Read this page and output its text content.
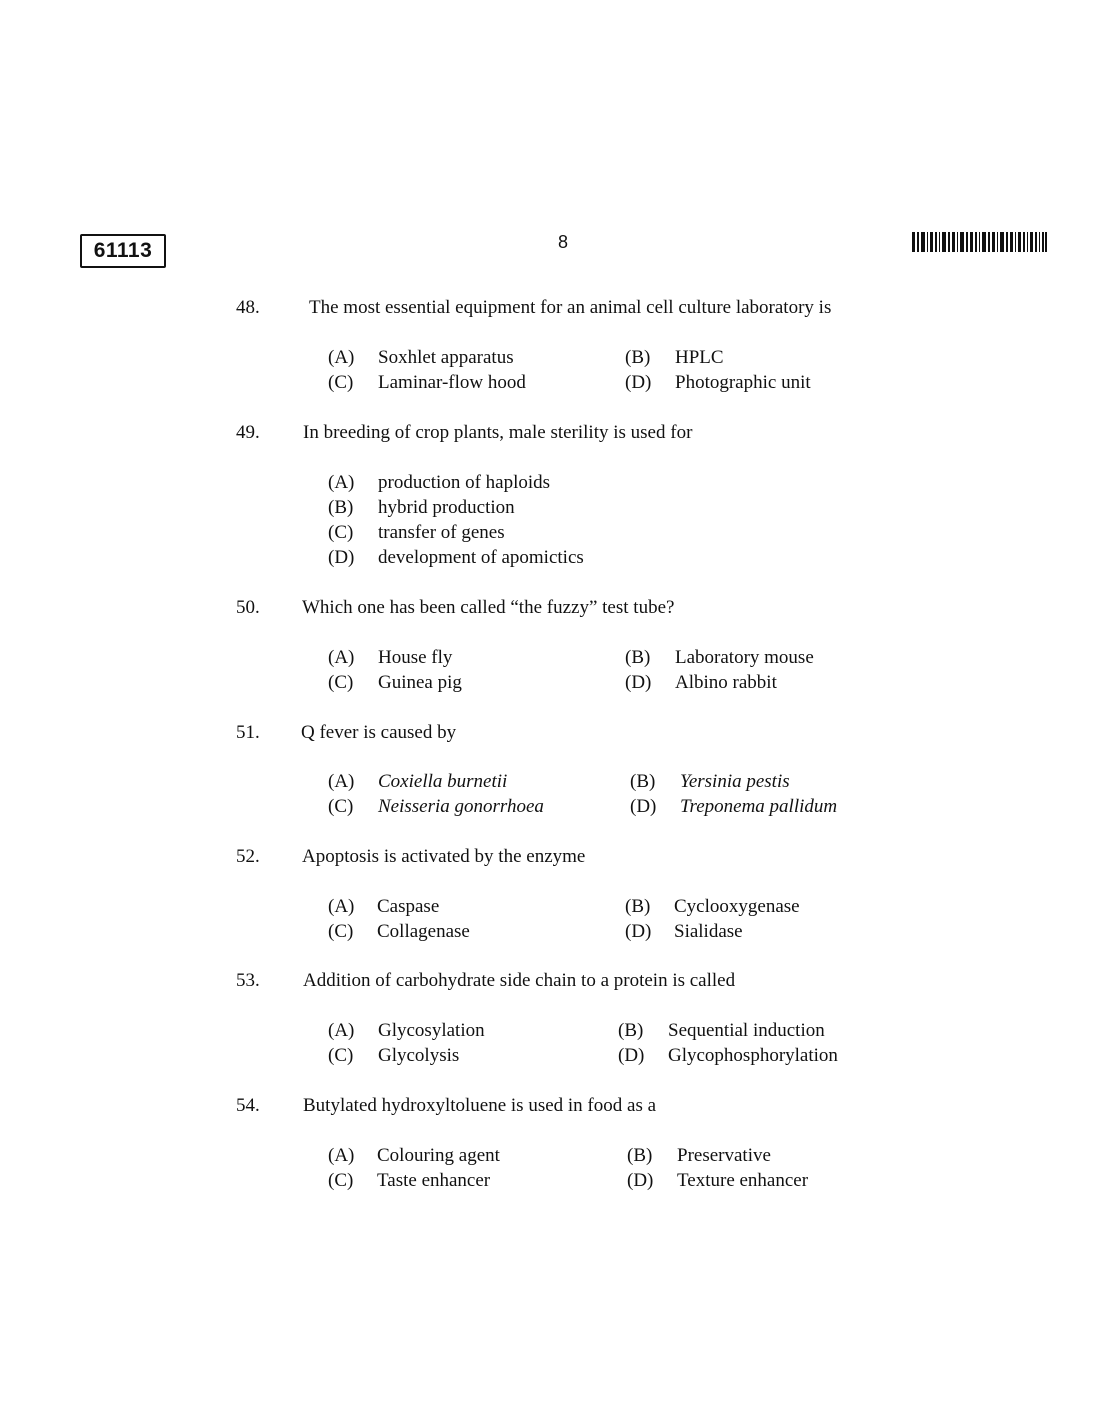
61113	8
48.	The most essential equipment for an animal cell culture laboratory is
(A) Soxhlet apparatus	(B) HPLC
(C) Laminar-flow hood	(D) Photographic unit
49. In breeding of crop plants, male sterility is used for
(A) production of haploids
(B) hybrid production
(C) transfer of genes
(D) development of apomictics
50. Which one has been called “the fuzzy” test tube?
(A) House fly	(B) Laboratory mouse
(C) Guinea pig	(D) Albino rabbit
51. Q fever is caused by
(A) Coxiella burnetii	(B) Yersinia pestis
(C) Neisseria gonorrhoea	(D) Treponema pallidum
52. Apoptosis is activated by the enzyme
(A) Caspase	(B) Cyclooxygenase
(C) Collagenase	(D) Sialidase
53. Addition of carbohydrate side chain to a protein is called
(A) Glycosylation	(B) Sequential induction
(C) Glycolysis	(D) Glycophosphorylation
54. Butylated hydroxyltoluene is used in food as a
(A) Colouring agent	(B) Preservative
(C) Taste enhancer	(D) Texture enhancer
